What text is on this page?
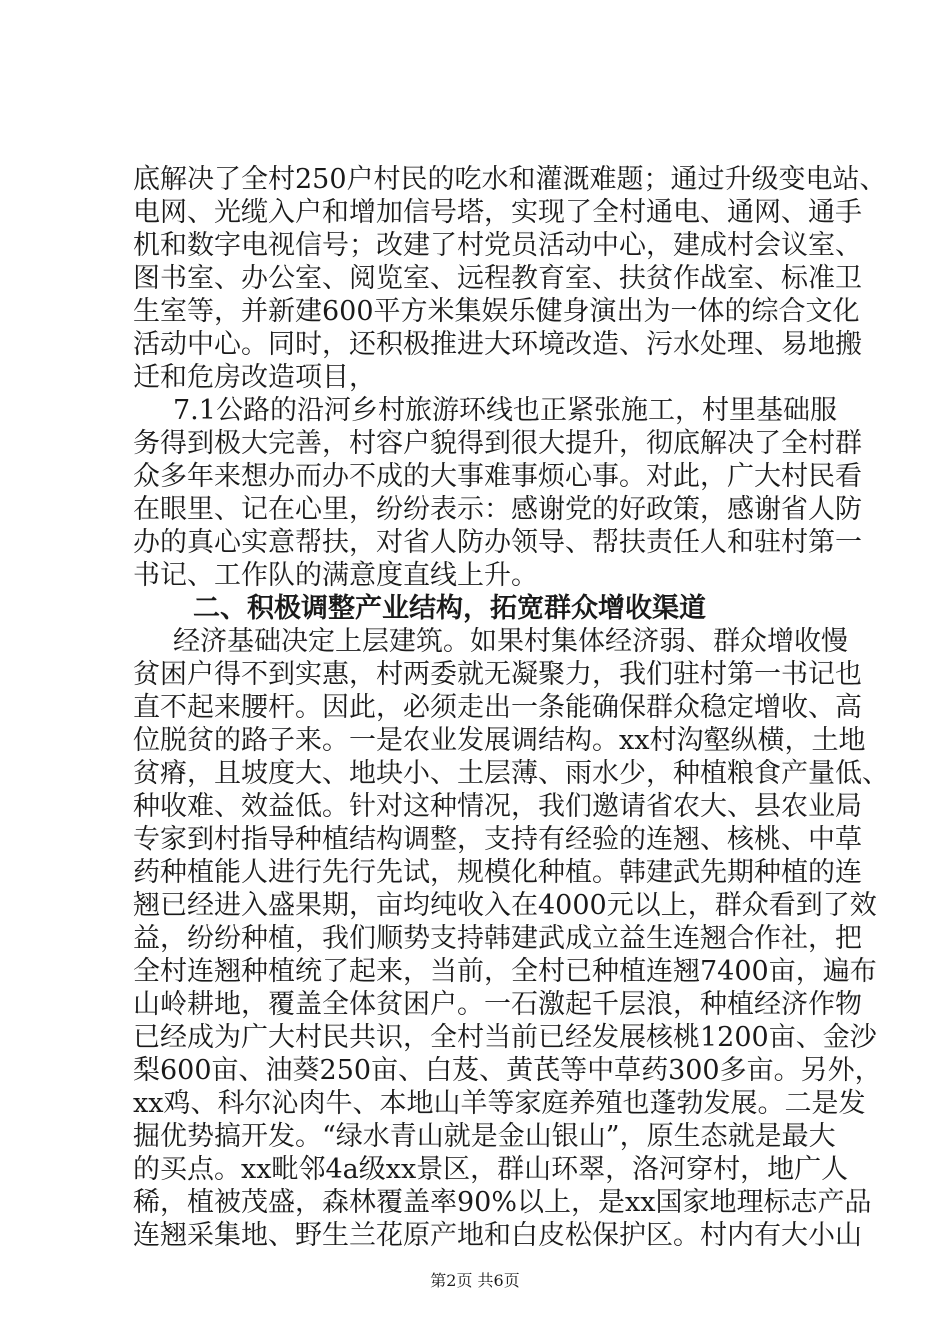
底解决了全村250户村民的吃水和灌溉难题；通过升级变电站、
电网、光缆入户和增加信号塔，实现了全村通电、通网、通手
机和数字电视信号；改建了村党员活动中心，建成村会议室、
图书室、办公室、阅览室、远程教育室、扶贫作战室、标准卫
生室等，并新建600平方米集娱乐健身演出为一体的综合文化
活动中心。同时，还积极推进大环境改造、污水处理、易地搬
迁和危房改造项目，
7.1公路的沿河乡村旅游环线也正紧张施工，村里基础服
务得到极大完善，村容户貌得到很大提升，彻底解决了全村群
众多年来想办而办不成的大事难事烦心事。对此，广大村民看
在眼里、记在心里，纷纷表示：感谢党的好政策，感谢省人防
办的真心实意帮扶，对省人防办领导、帮扶责任人和驻村第一
书记、工作队的满意度直线上升。
二、积极调整产业结构，拓宽群众增收渠道
经济基础决定上层建筑。如果村集体经济弱、群众增收慢
贫困户得不到实惠，村两委就无凝聚力，我们驻村第一书记也
直不起来腰杆。因此，必须走出一条能确保群众稳定增收、高
位脱贫的路子来。一是农业发展调结构。xx村沟壑纵横，土地
贫瘠，且坡度大、地块小、土层薄、雨水少，种植粮食产量低、
种收难、效益低。针对这种情况，我们邀请省农大、县农业局
专家到村指导种植结构调整，支持有经验的连翘、核桃、中草
药种植能人进行先行先试，规模化种植。韩建武先期种植的连
翘已经进入盛果期，亩均纯收入在4000元以上，群众看到了效
益，纷纷种植，我们顺势支持韩建武成立益生连翘合作社，把
全村连翘种植统了起来，当前，全村已种植连翘7400亩，遍布
山岭耕地，覆盖全体贫困户。一石激起千层浪，种植经济作物
已经成为广大村民共识，全村当前已经发展核桃1200亩、金沙
梨600亩、油葵250亩、白芨、黄芪等中草药300多亩。另外，
xx鸡、科尔沁肉牛、本地山羊等家庭养殖也蓬勃发展。二是发
掘优势搞开发。“绿水青山就是金山银山”，原生态就是最大
的买点。xx毗邻4a级xx景区，群山环翠，洛河穿村，地广人
稀，植被茂盛，森林覆盖率90%以上，是xx国家地理标志产品
连翘采集地、野生兰花原产地和白皮松保护区。村内有大小山
第2页 共6页
